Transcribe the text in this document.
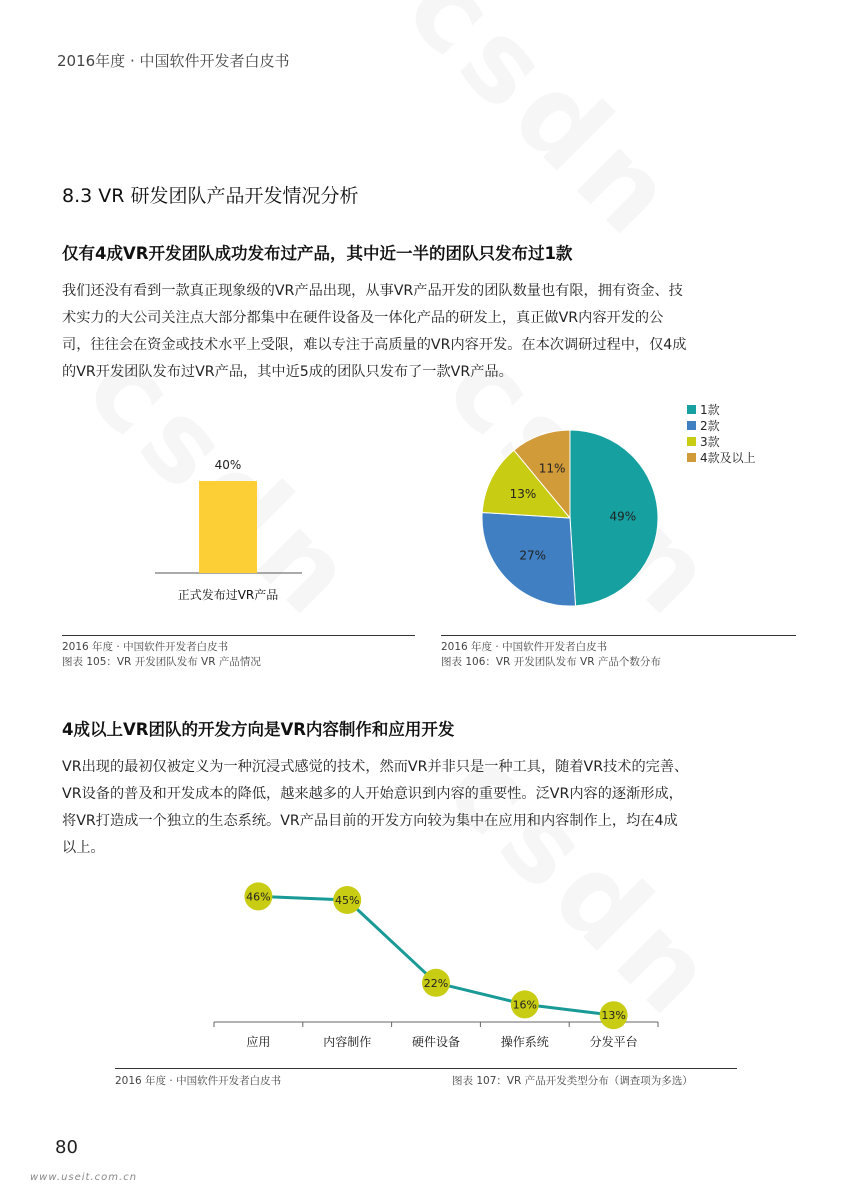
2016年度 · 中国软件开发者白皮书
8.3 VR 研发团队产品开发情况分析
仅有4成VR开发团队成功发布过产品，其中近一半的团队只发布过1款
我们还没有看到一款真正现象级的VR产品出现，从事VR产品开发的团队数量也有限，拥有资金、技
术实力的大公司关注点大部分都集中在硬件设备及一体化产品的研发上，真正做VR内容开发的公
司，往往会在资金或技术水平上受限，难以专注于高质量的VR内容开发。在本次调研过程中，仅4成
的VR开发团队发布过VR产品，其中近5成的团队只发布了一款VR产品。
40%
正式发布过VR产品
2016 年度 · 中国软件开发者白皮书
图表 105：VR 开发团队发布 VR 产品情况
49%
27%
13%
11%
1款
2款
3款
4款及以上
2016 年度 · 中国软件开发者白皮书
图表 106：VR 开发团队发布 VR 产品个数分布
4成以上VR团队的开发方向是VR内容制作和应用开发
VR出现的最初仅被定义为一种沉浸式感觉的技术，然而VR并非只是一种工具，随着VR技术的完善、
VR设备的普及和开发成本的降低，越来越多的人开始意识到内容的重要性。泛VR内容的逐渐形成，
将VR打造成一个独立的生态系统。VR产品目前的开发方向较为集中在应用和内容制作上，均在4成
以上。
46%
应用
45%
内容制作
22%
硬件设备
16%
操作系统
13%
分发平台
2016 年度 · 中国软件开发者白皮书	图表 107：VR 产品开发类型分布（调查项为多选）
80
www.useit.com.cn
